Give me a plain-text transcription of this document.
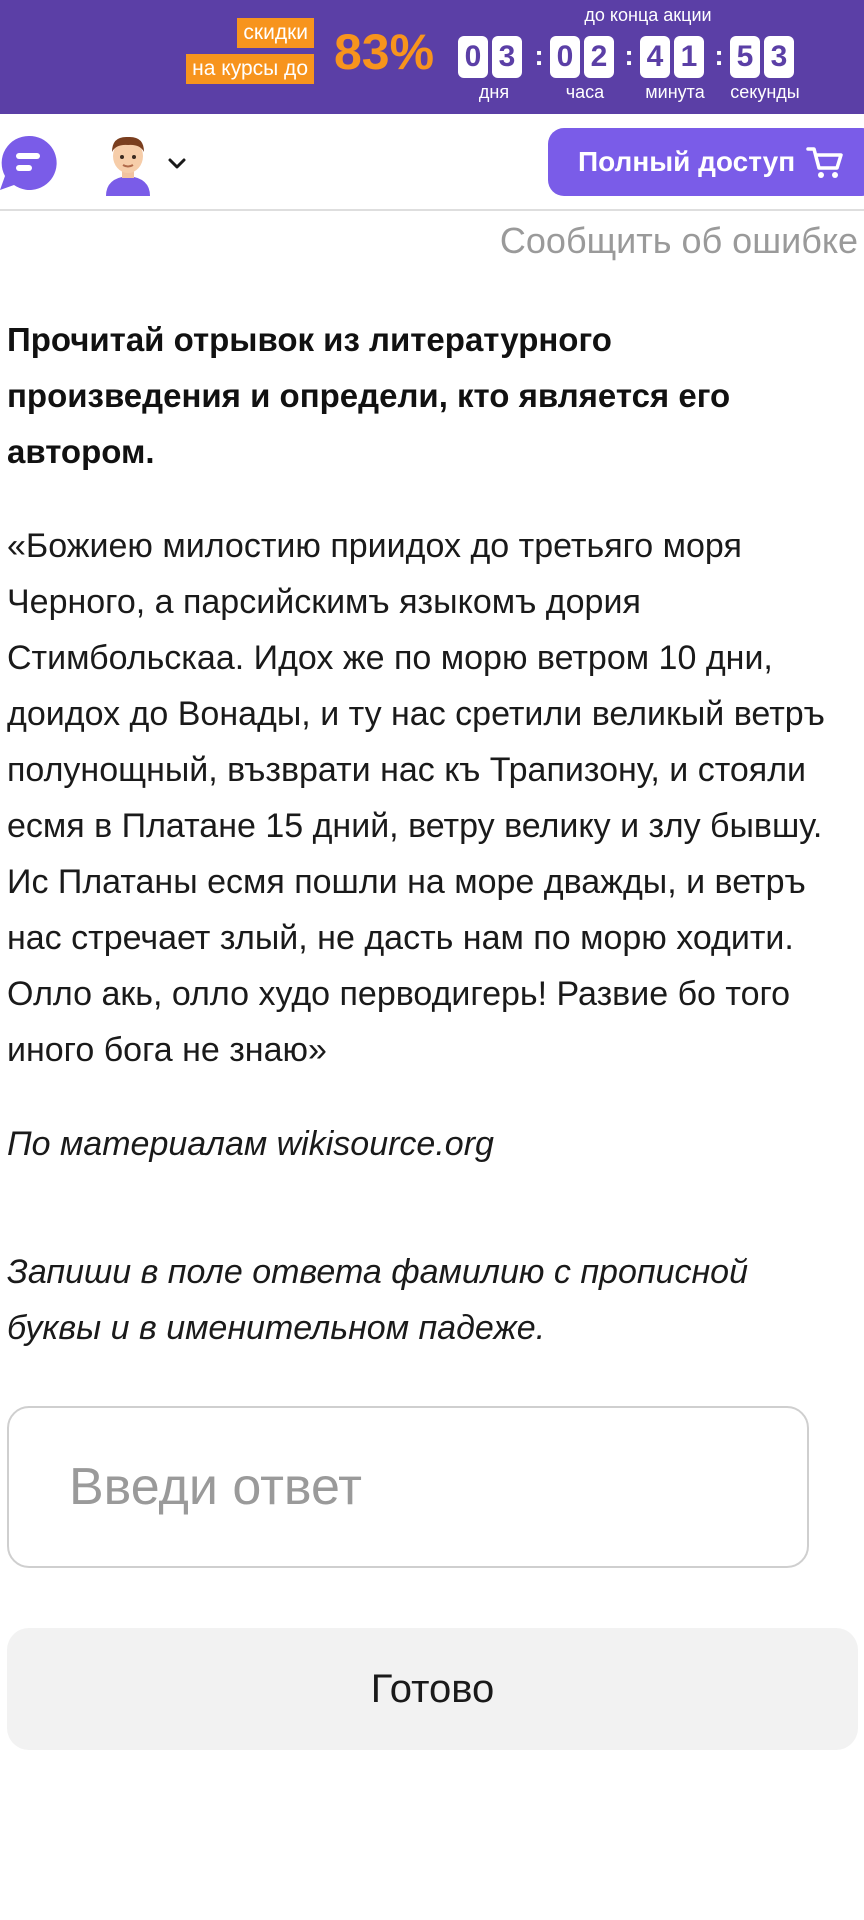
скидки
на курсы до 83%
до конца акции
0 3 : 0 2 : 4 1 : 5 3
дня	часа	минута	секунды
Полный доступ
Сообщить об ошибке
Прочитай отрывок из литературного произведения и определи, кто является его автором.
«Божиею милостию приидох до третьяго моря Черного, а парсийскимъ языкомъ дория Стимбольскаа. Идох же по морю ветром 10 дни, доидох до Вонады, и ту нас сретили великый ветръ полунощный, възврати нас къ Трапизону, и стояли есмя в Платане 15 дний, ветру велику и злу бывшу. Ис Платаны есмя пошли на море дважды, и ветръ нас стречает злый, не дасть нам по морю ходити. Олло акь, олло худо перводигерь! Развие бо того иного бога не знаю»
По материалам wikisource.org
Запиши в поле ответа фамилию с прописной буквы и в именительном падеже.
Введи ответ
Готово
